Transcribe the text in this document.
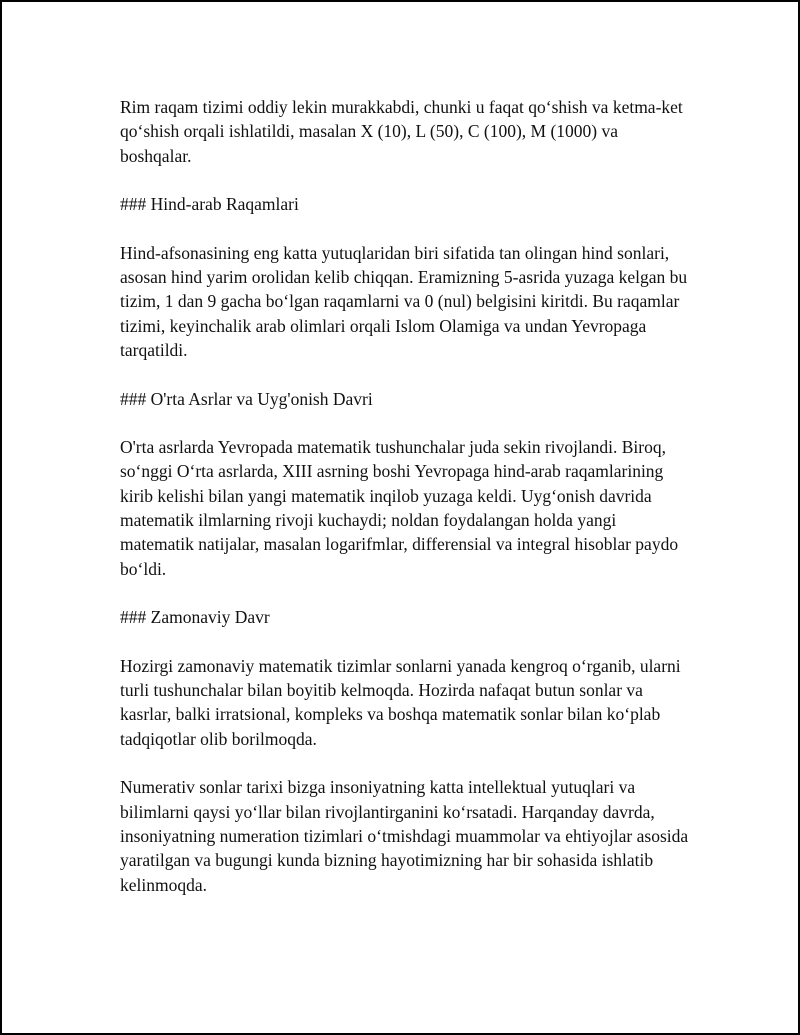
Rim raqam tizimi oddiy lekin murakkabdi, chunki u faqat qo‘shish va ketma-ket qo‘shish orqali ishlatildi, masalan X (10), L (50), C (100), M (1000) va boshqalar.

### Hind-arab Raqamlari

Hind-afsonasining eng katta yutuqlaridan biri sifatida tan olingan hind sonlari, asosan hind yarim orolidan kelib chiqqan. Eramizning 5-asrida yuzaga kelgan bu tizim, 1 dan 9 gacha bo‘lgan raqamlarni va 0 (nul) belgisini kiritdi. Bu raqamlar tizimi, keyinchalik arab olimlari orqali Islom Olamiga va undan Yevropaga tarqatildi.

### O'rta Asrlar va Uyg'onish Davri

O'rta asrlarda Yevropada matematik tushunchalar juda sekin rivojlandi. Biroq, so‘nggi O‘rta asrlarda, XIII asrning boshi Yevropaga hind-arab raqamlarining kirib kelishi bilan yangi matematik inqilob yuzaga keldi. Uyg‘onish davrida matematik ilmlarning rivoji kuchaydi; noldan foydalangan holda yangi matematik natijalar, masalan logarifmlar, differensial va integral hisoblar paydo bo‘ldi.

### Zamonaviy Davr

Hozirgi zamonaviy matematik tizimlar sonlarni yanada kengroq o‘rganib, ularni turli tushunchalar bilan boyitib kelmoqda. Hozirda nafaqat butun sonlar va kasrlar, balki irratsional, kompleks va boshqa matematik sonlar bilan ko‘plab tadqiqotlar olib borilmoqda.

Numerativ sonlar tarixi bizga insoniyatning katta intellektual yutuqlari va bilimlarni qaysi yo‘llar bilan rivojlantirganini ko‘rsatadi. Harqanday davrda, insoniyatning numeration tizimlari o‘tmishdagi muammolar va ehtiyojlar asosida yaratilgan va bugungi kunda bizning hayotimizning har bir sohasida ishlatib kelinmoqda.
